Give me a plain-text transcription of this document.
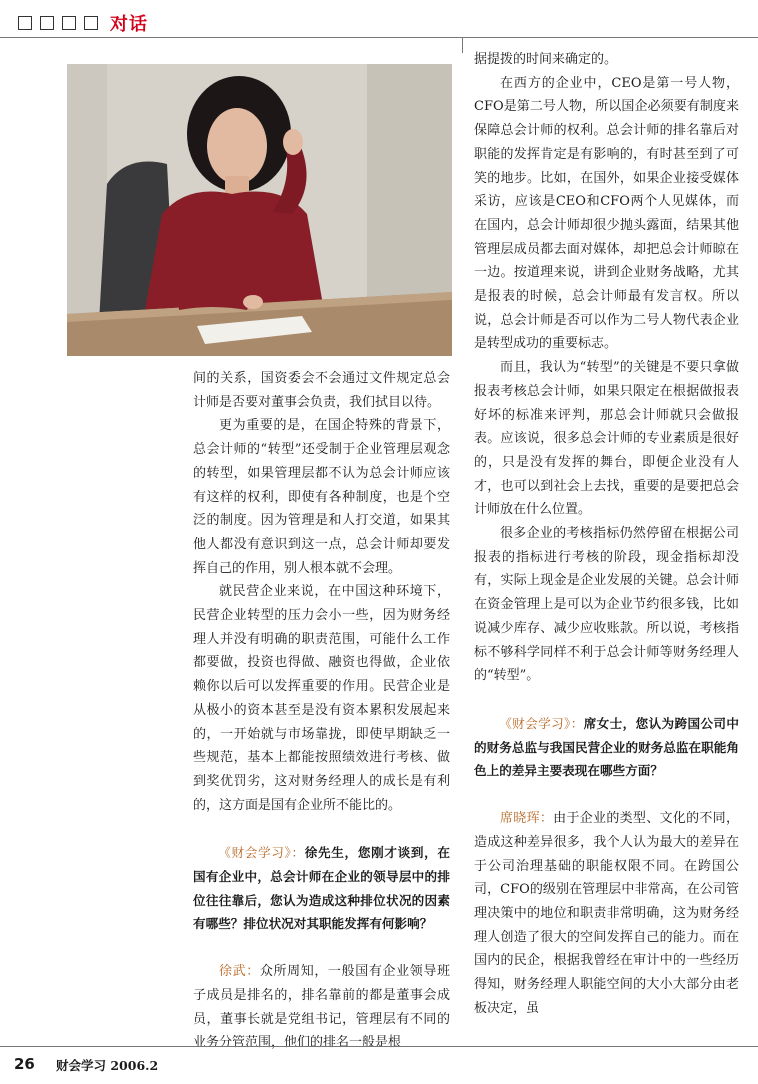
对话

间的关系，国资委会不会通过文件规定总会计师是否要对董事会负责，我们拭目以待。

更为重要的是，在国企特殊的背景下，总会计师的“转型”还受制于企业管理层观念的转型，如果管理层都不认为总会计师应该有这样的权利，即使有各种制度，也是个空泛的制度。因为管理是和人打交道，如果其他人都没有意识到这一点，总会计师却要发挥自己的作用，别人根本就不会理。

就民营企业来说，在中国这种环境下，民营企业转型的压力会小一些，因为财务经理人并没有明确的职责范围，可能什么工作都要做，投资也得做、融资也得做，企业依赖你以后可以发挥重要的作用。民营企业是从极小的资本甚至是没有资本累积发展起来的，一开始就与市场靠拢，即使早期缺乏一些规范，基本上都能按照绩效进行考核、做到奖优罚劣，这对财务经理人的成长是有利的，这方面是国有企业所不能比的。

《财会学习》：徐先生，您刚才谈到，在国有企业中，总会计师在企业的领导层中的排位往往靠后，您认为造成这种排位状况的因素有哪些？排位状况对其职能发挥有何影响？

徐武：众所周知，一般国有企业领导班子成员是排名的，排名靠前的都是董事会成员，董事长就是党组书记，管理层有不同的业务分管范围，他们的排名一般是根

据提拨的时间来确定的。

在西方的企业中，CEO是第一号人物，CFO是第二号人物，所以国企必须要有制度来保障总会计师的权利。总会计师的排名靠后对职能的发挥肯定是有影响的，有时甚至到了可笑的地步。比如，在国外，如果企业接受媒体采访，应该是CEO和CFO两个人见媒体，而在国内，总会计师却很少抛头露面，结果其他管理层成员都去面对媒体，却把总会计师晾在一边。按道理来说，讲到企业财务战略，尤其是报表的时候，总会计师最有发言权。所以说，总会计师是否可以作为二号人物代表企业是转型成功的重要标志。

而且，我认为“转型”的关键是不要只拿做报表考核总会计师，如果只限定在根据做报表好坏的标准来评判，那总会计师就只会做报表。应该说，很多总会计师的专业素质是很好的，只是没有发挥的舞台，即便企业没有人才，也可以到社会上去找，重要的是要把总会计师放在什么位置。

很多企业的考核指标仍然停留在根据公司报表的指标进行考核的阶段，现金指标却没有，实际上现金是企业发展的关键。总会计师在资金管理上是可以为企业节约很多钱，比如说减少库存、减少应收账款。所以说，考核指标不够科学同样不利于总会计师等财务经理人的“转型”。

《财会学习》：席女士，您认为跨国公司中的财务总监与我国民营企业的财务总监在职能角色上的差异主要表现在哪些方面？

席晓珲：由于企业的类型、文化的不同，造成这种差异很多，我个人认为最大的差异在于公司治理基础的职能权限不同。在跨国公司，CFO的级别在管理层中非常高，在公司管理决策中的地位和职责非常明确，这为财务经理人创造了很大的空间发挥自己的能力。而在国内的民企，根据我曾经在审计中的一些经历得知，财务经理人职能空间的大小大部分由老板决定，虽

26 财会学习 2006.2
